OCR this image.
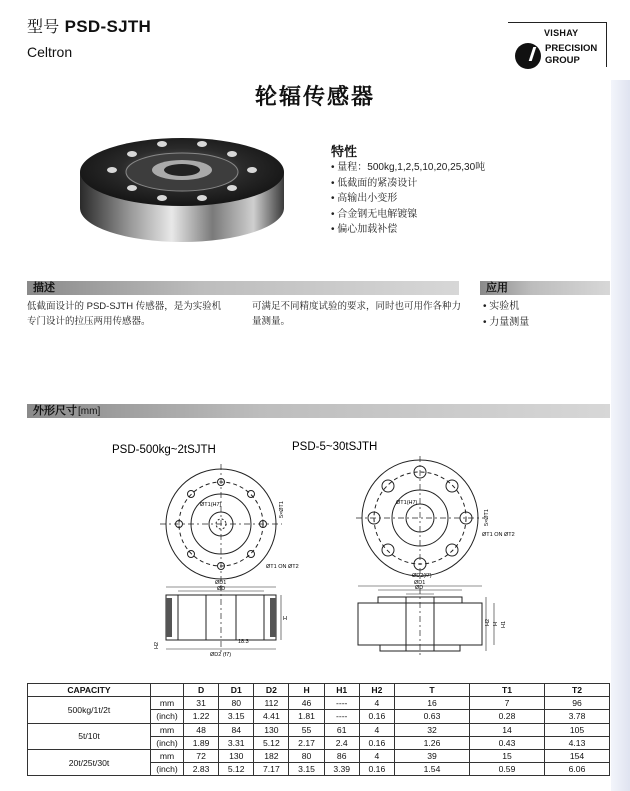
型号 PSD-SJTH
Celtron
VISHAY
PRECISION
GROUP
轮辐传感器
特性
• 量程：500kg,1,2,5,10,20,25,30吨
• 低截面的紧凑设计
• 高输出小变形
• 合金钢无电解镀镍
• 偏心加载补偿
描述	应用
低截面设计的 PSD-SJTH 传感器，是为实验机专门设计的拉压两用传感器。
可满足不同精度试验的要求，同时也可用作各种力量测量。
• 实验机
• 力量测量
外形尺寸[mm]
PSD-500kg~2tSJTH	PSD-5~30tSJTH
ØT1(H7)	5×ØT1
ØT1 ON ØT2
ØD1
ØD
ØD2 (f7)
18.3
H
H2
ØT1 ON ØT2
5×ØT1
ØT1(H7)
ØD2(f7)
ØD1
ØD
H2 H H1
CAPACITY		D	D1	D2	H	H1	H2	T	T1	T2
500kg/1t/2t	mm	31	80	112	46	----	4	16	7	96
	(inch)	1.22	3.15	4.41	1.81	----	0.16	0.63	0.28	3.78
5t/10t	mm	48	84	130	55	61	4	32	14	105
	(inch)	1.89	3.31	5.12	2.17	2.4	0.16	1.26	0.43	4.13
20t/25t/30t	mm	72	130	182	80	86	4	39	15	154
	(inch)	2.83	5.12	7.17	3.15	3.39	0.16	1.54	0.59	6.06
